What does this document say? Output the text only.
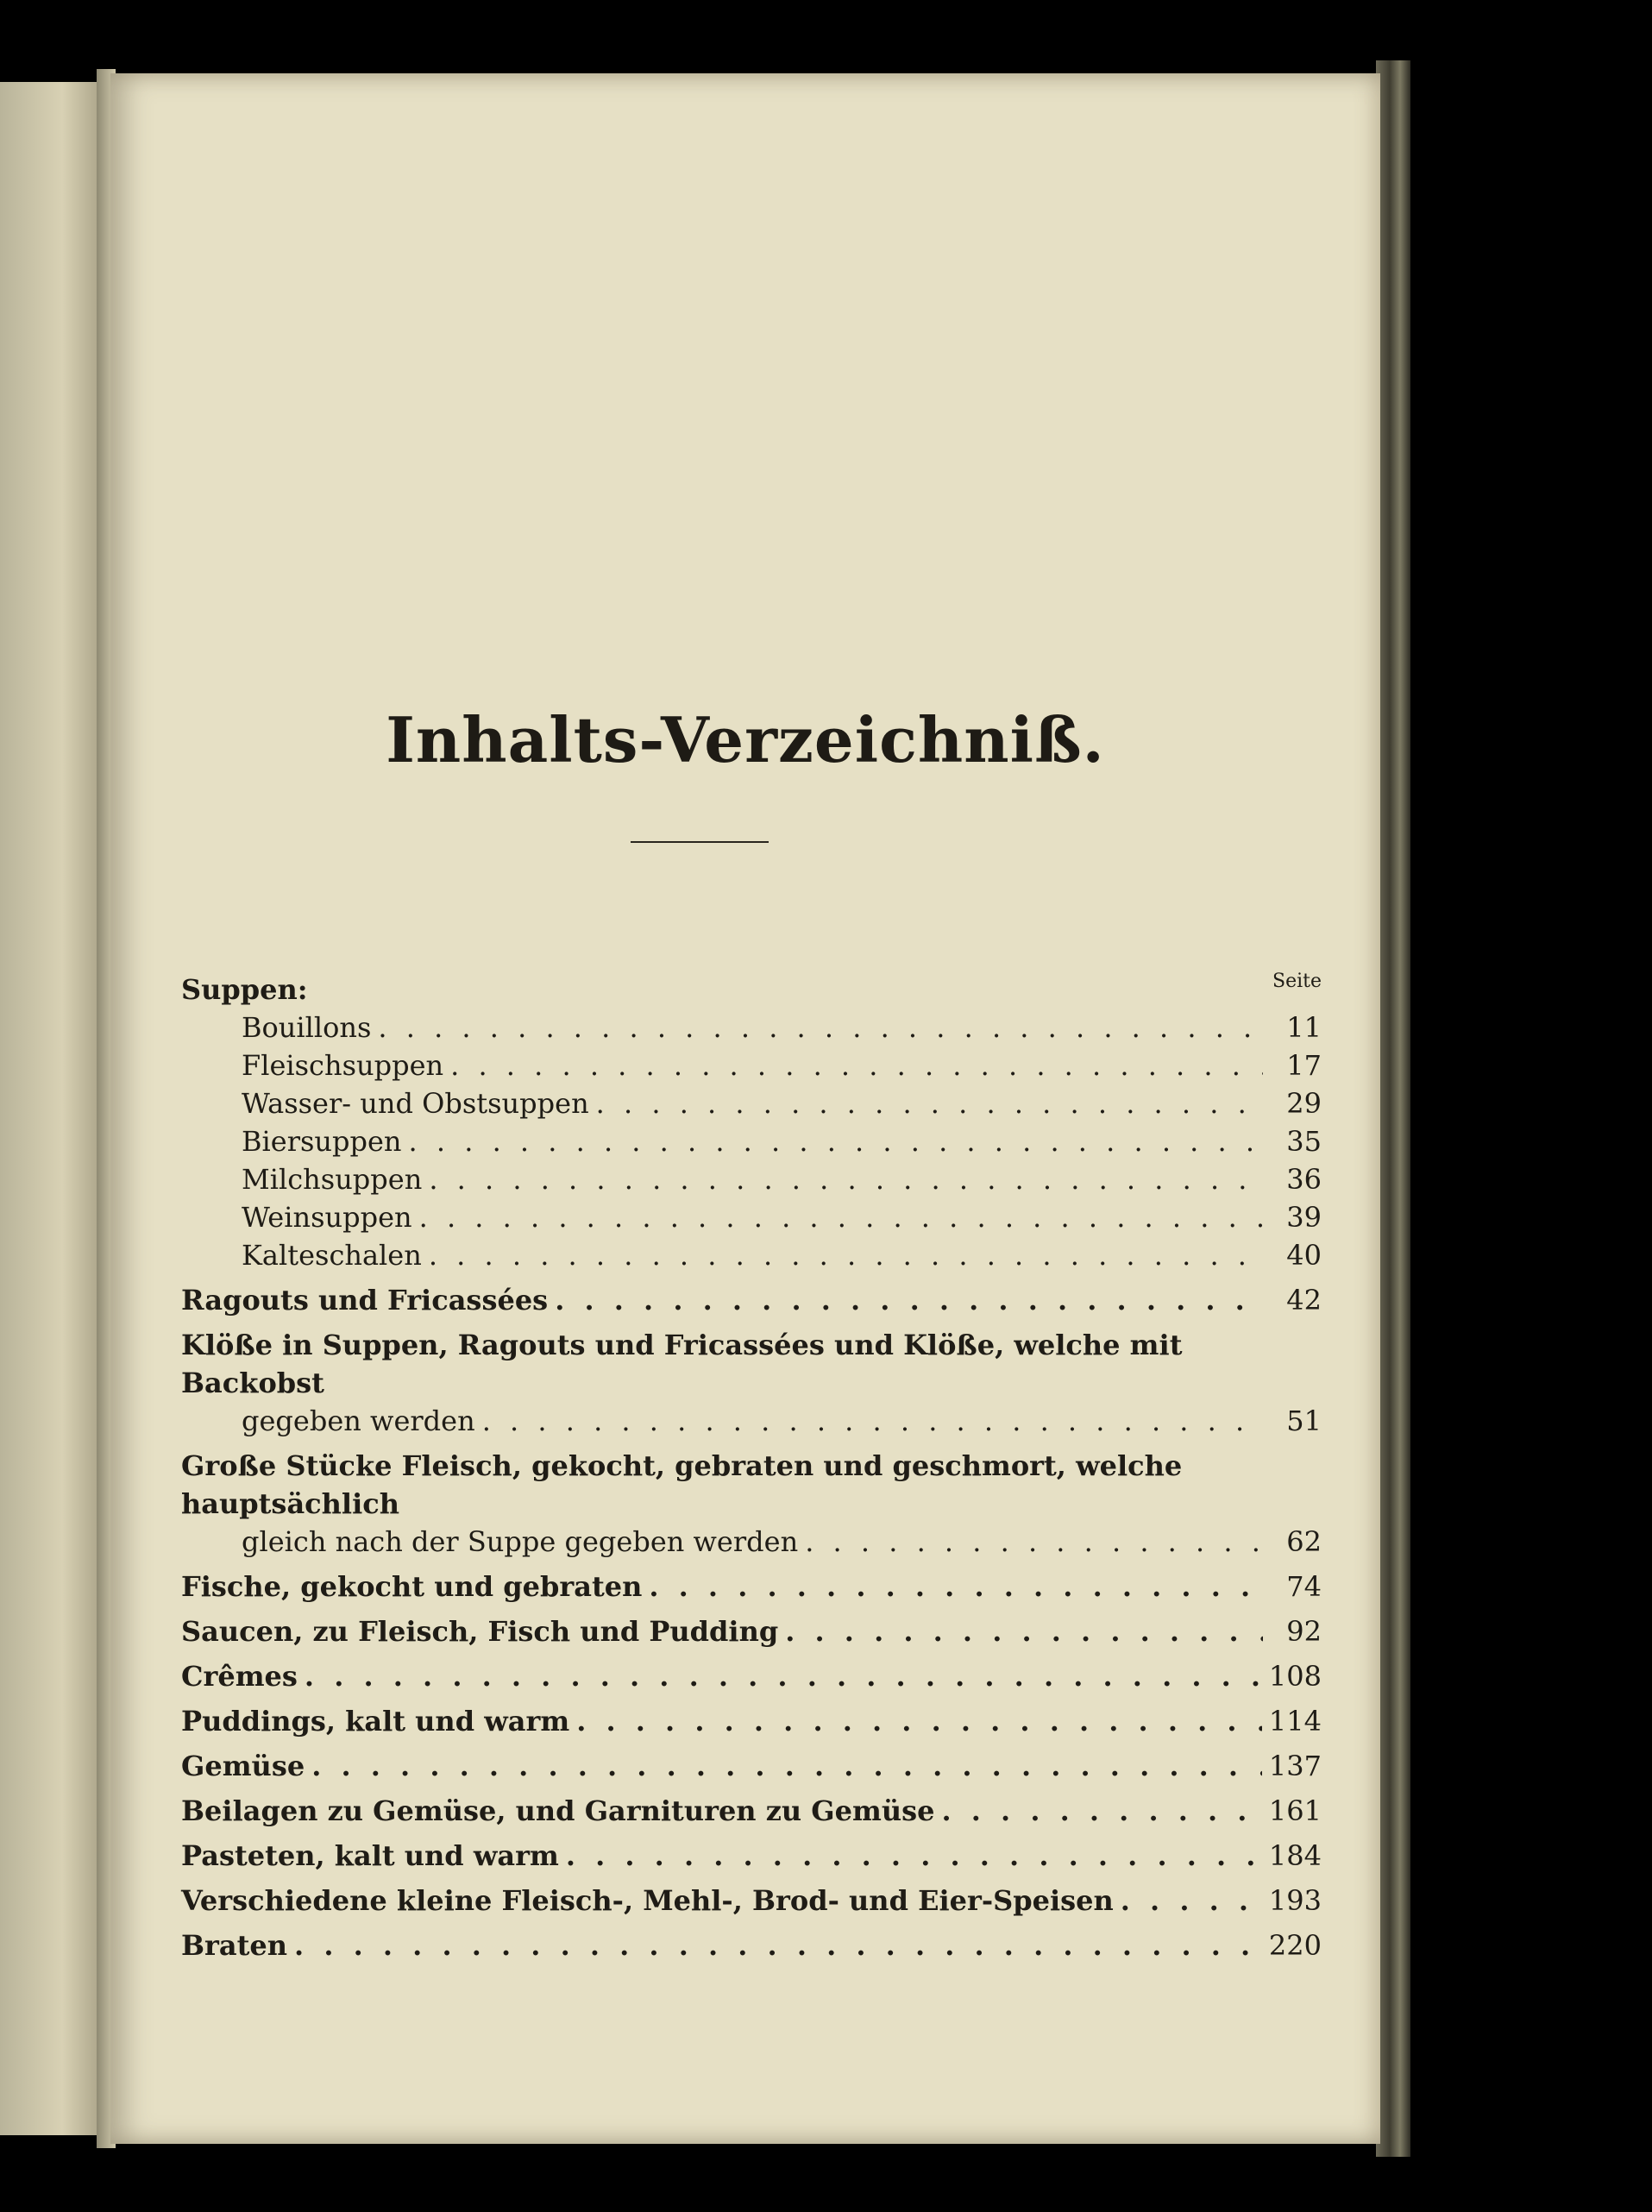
Inhalts-Verzeichniß.
Seite
Suppen:
Bouillons . . .	11
Fleischsuppen . . .	17
Wasser- und Obstsuppen . . .	29
Biersuppen . . .	35
Milchsuppen . . .	36
Weinsuppen . . .	39
Kalteschalen . . .	40
Ragouts und Fricassées . . .	42
Klöße in Suppen, Ragouts und Fricassées und Klöße, welche mit Backobst
gegeben werden . . .	51
Große Stücke Fleisch, gekocht, gebraten und geschmort, welche hauptsächlich
gleich nach der Suppe gegeben werden . . .	62
Fische, gekocht und gebraten . . .	74
Saucen, zu Fleisch, Fisch und Pudding . . .	92
Crêmes . . .	108
Puddings, kalt und warm . . .	114
Gemüse . . .	137
Beilagen zu Gemüse, und Garnituren zu Gemüse . . .	161
Pasteten, kalt und warm . . .	184
Verschiedene kleine Fleisch-, Mehl-, Brod- und Eier-Speisen . . .	193
Braten . . .	220
